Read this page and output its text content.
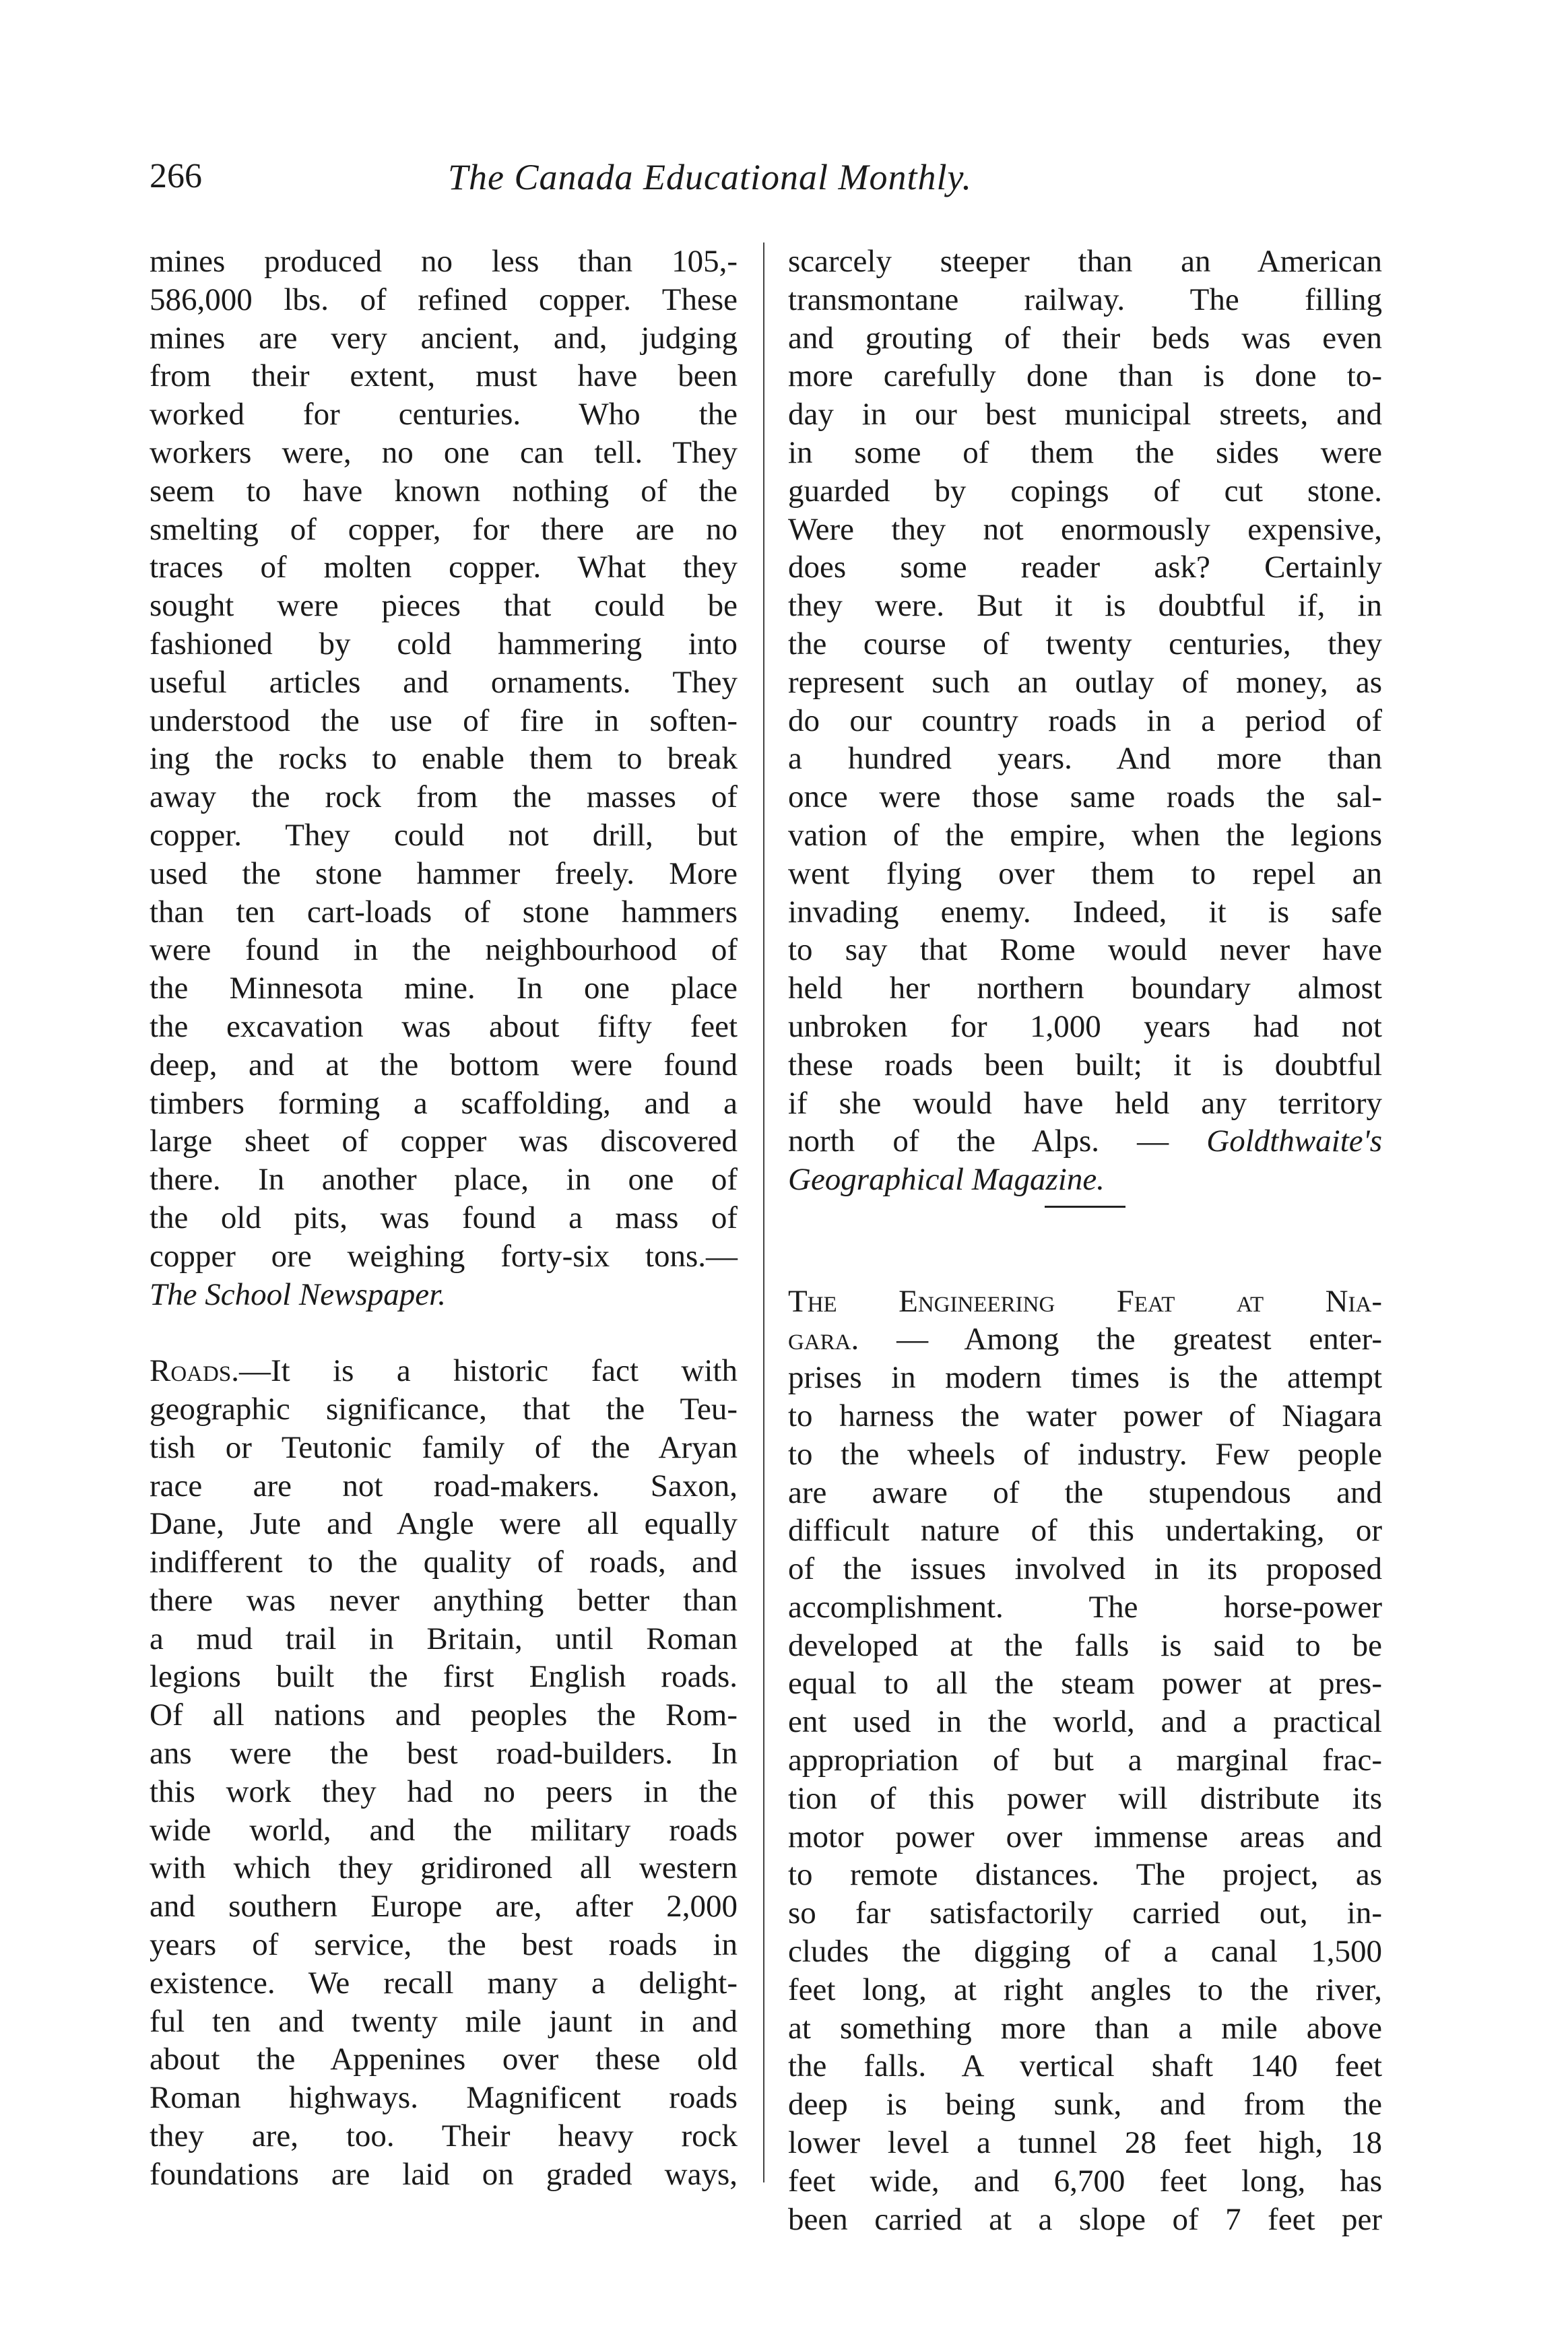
266	The Canada Educational Monthly.
mines produced no less than 105,-
586,000 lbs. of refined copper. These
mines are very ancient, and, judging
from their extent, must have been
worked for centuries. Who the
workers were, no one can tell. They
seem to have known nothing of the
smelting of copper, for there are no
traces of molten copper. What they
sought were pieces that could be
fashioned by cold hammering into
useful articles and ornaments. They
understood the use of fire in soften-
ing the rocks to enable them to break
away the rock from the masses of
copper. They could not drill, but
used the stone hammer freely. More
than ten cart-loads of stone hammers
were found in the neighbourhood of
the Minnesota mine. In one place
the excavation was about fifty feet
deep, and at the bottom were found
timbers forming a scaffolding, and a
large sheet of copper was discovered
there. In another place, in one of
the old pits, was found a mass of
copper ore weighing forty-six tons.—
The School Newspaper.
Roads.—It is a historic fact with
geographic significance, that the Teu-
tish or Teutonic family of the Aryan
race are not road-makers. Saxon,
Dane, Jute and Angle were all equally
indifferent to the quality of roads, and
there was never anything better than
a mud trail in Britain, until Roman
legions built the first English roads.
Of all nations and peoples the Rom-
ans were the best road-builders. In
this work they had no peers in the
wide world, and the military roads
with which they gridironed all western
and southern Europe are, after 2,000
years of service, the best roads in
existence. We recall many a delight-
ful ten and twenty mile jaunt in and
about the Appenines over these old
Roman highways. Magnificent roads
they are, too. Their heavy rock
foundations are laid on graded ways,
scarcely steeper than an American
transmontane railway. The filling
and grouting of their beds was even
more carefully done than is done to-
day in our best municipal streets, and
in some of them the sides were
guarded by copings of cut stone.
Were they not enormously expensive,
does some reader ask? Certainly
they were. But it is doubtful if, in
the course of twenty centuries, they
represent such an outlay of money, as
do our country roads in a period of
a hundred years. And more than
once were those same roads the sal-
vation of the empire, when the legions
went flying over them to repel an
invading enemy. Indeed, it is safe
to say that Rome would never have
held her northern boundary almost
unbroken for 1,000 years had not
these roads been built; it is doubtful
if she would have held any territory
north of the Alps. — Goldthwaite's
Geographical Magazine.
The Engineering Feat at Nia-
gara. — Among the greatest enter-
prises in modern times is the attempt
to harness the water power of Niagara
to the wheels of industry. Few people
are aware of the stupendous and
difficult nature of this undertaking, or
of the issues involved in its proposed
accomplishment. The horse-power
developed at the falls is said to be
equal to all the steam power at pres-
ent used in the world, and a practical
appropriation of but a marginal frac-
tion of this power will distribute its
motor power over immense areas and
to remote distances. The project, as
so far satisfactorily carried out, in-
cludes the digging of a canal 1,500
feet long, at right angles to the river,
at something more than a mile above
the falls. A vertical shaft 140 feet
deep is being sunk, and from the
lower level a tunnel 28 feet high, 18
feet wide, and 6,700 feet long, has
been carried at a slope of 7 feet per
